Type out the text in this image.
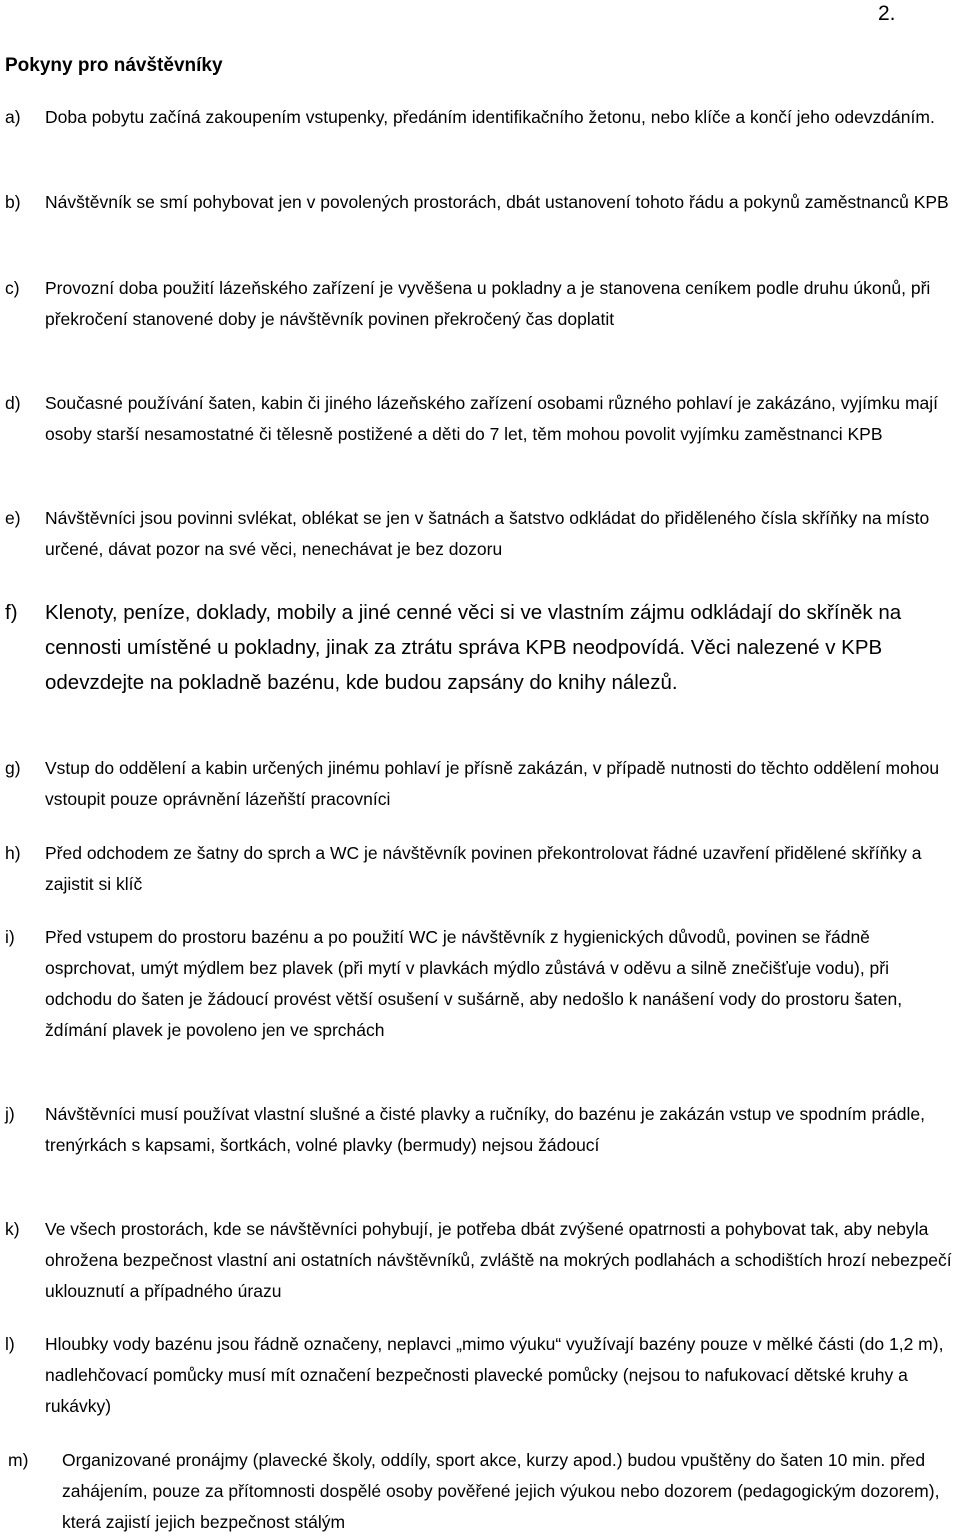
2.
Pokyny pro návštěvníky
a) Doba pobytu začíná zakoupením vstupenky, předáním identifikačního žetonu, nebo klíče a končí jeho odevzdáním.
b) Návštěvník se smí pohybovat jen v povolených prostorách, dbát ustanovení tohoto řádu a pokynů zaměstnanců KPB
c) Provozní doba použití lázeňského zařízení je vyvěšena u pokladny a je stanovena ceníkem podle druhu úkonů, při překročení stanovené doby je návštěvník povinen překročený čas doplatit
d) Současné používání šaten, kabin či jiného lázeňského zařízení osobami různého pohlaví je zakázáno, vyjímku mají osoby starší nesamostatné či tělesně postižené a děti do 7 let, těm mohou povolit vyjímku zaměstnanci KPB
e) Návštěvníci jsou povinni svlékat, oblékat se jen v šatnách a šatstvo odkládat do přiděleného čísla skříňky na místo určené, dávat pozor na své věci, nenechávat je bez dozoru
f) Klenoty, peníze, doklady, mobily a jiné cenné věci si ve vlastním zájmu odkládají do skříněk na cennosti umístěné u pokladny, jinak za ztrátu správa KPB neodpovídá. Věci nalezené v KPB odevzdejte na pokladně bazénu, kde budou zapsány do knihy nálezů.
g) Vstup do oddělení a kabin určených jinému pohlaví je přísně zakázán, v případě nutnosti do těchto oddělení mohou vstoupit pouze oprávnění lázeňští pracovníci
h) Před odchodem ze šatny do sprch a WC je návštěvník povinen překontrolovat řádné uzavření přidělené skříňky a zajistit si klíč
i) Před vstupem do prostoru bazénu a po použití WC je návštěvník z hygienických důvodů, povinen se řádně osprchovat, umýt mýdlem bez plavek (při mytí v plavkách mýdlo zůstává v oděvu a silně znečišťuje vodu), při odchodu do šaten je žádoucí provést větší osušení v sušárně, aby nedošlo k nanášení vody do prostoru šaten, ždímání plavek je povoleno jen ve sprchách
j) Návštěvníci musí používat vlastní slušné a čisté plavky a ručníky, do bazénu je zakázán vstup ve spodním prádle, trenýrkách s kapsami, šortkách, volné plavky (bermudy) nejsou žádoucí
k) Ve všech prostorách, kde se návštěvníci pohybují, je potřeba dbát zvýšené opatrnosti a pohybovat tak, aby nebyla ohrožena bezpečnost vlastní ani ostatních návštěvníků, zvláště na mokrých podlahách a schodištích hrozí nebezpečí uklouznutí a případného úrazu
l) Hloubky vody bazénu jsou řádně označeny, neplavci „mimo výuku“ využívají bazény pouze v mělké části (do 1,2 m), nadlehčovací pomůcky musí mít označení bezpečnosti plavecké pomůcky (nejsou to nafukovací dětské kruhy a rukávky)
m) Organizované pronájmy (plavecké školy, oddíly, sport akce, kurzy apod.) budou vpuštěny do šaten 10 min. před zahájením, pouze za přítomnosti dospělé osoby pověřené jejich výukou nebo dozorem (pedagogickým dozorem), která zajistí jejich bezpečnost stálým
